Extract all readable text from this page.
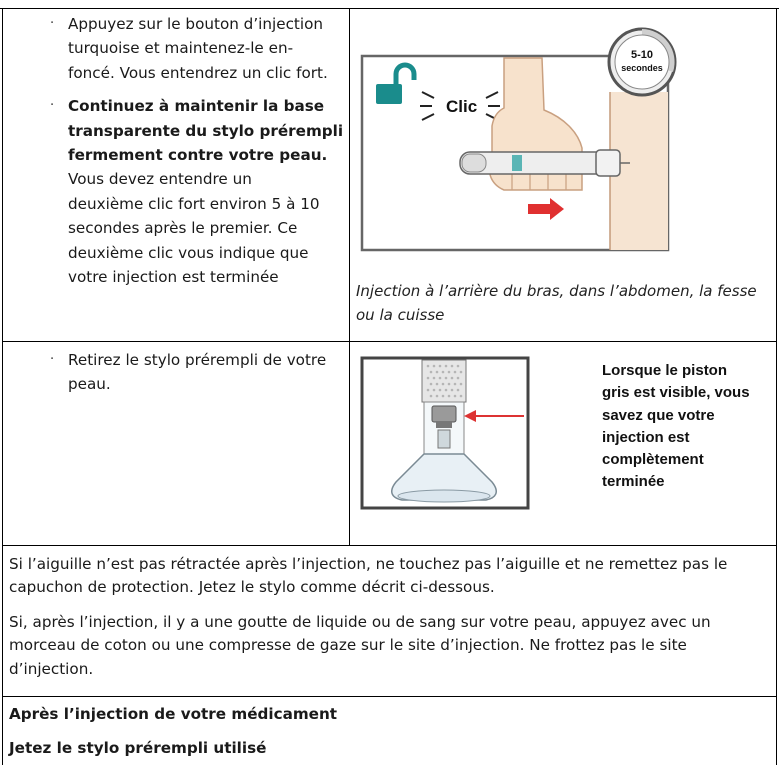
· Appuyez sur le bouton d’injection
turquoise et maintenez-le en-
foncé. Vous entendrez un clic fort.
· Continuez à maintenir la base
transparente du stylo prérempli
fermement contre votre peau.
Vous devez entendre un
deuxième clic fort environ 5 à 10
secondes après le premier. Ce
deuxième clic vous indique que
votre injection est terminée
5-10
secondes
Clic
Injection à l’arrière du bras, dans l’abdomen, la fesse
ou la cuisse
· Retirez le stylo prérempli de votre
peau.
Lorsque le piston
gris est visible, vous
savez que votre
injection est
complètement
terminée
Si l’aiguille n’est pas rétractée après l’injection, ne touchez pas l’aiguille et ne remettez pas le
capuchon de protection. Jetez le stylo comme décrit ci-dessous.
Si, après l’injection, il y a une goutte de liquide ou de sang sur votre peau, appuyez avec un
morceau de coton ou une compresse de gaze sur le site d’injection. Ne frottez pas le site
d’injection.
Après l’injection de votre médicament
Jetez le stylo prérempli utilisé
